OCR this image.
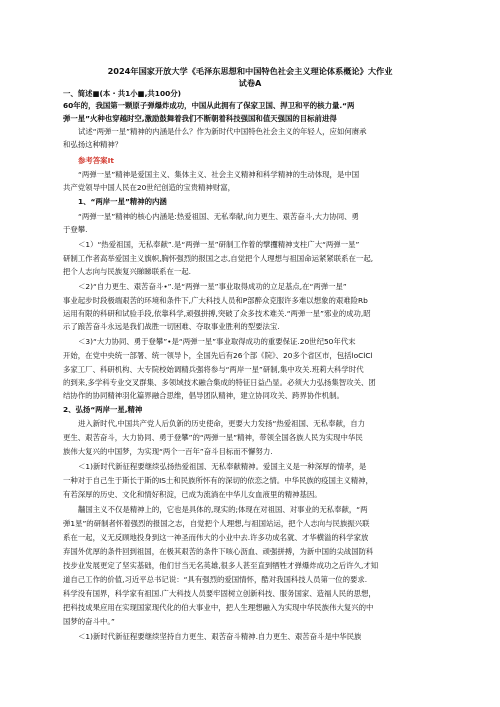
2024年国家开放大学《毛泽东思想和中国特色社会主义理论体系概论》大作业
试卷A
一、简述■(本・共1小■,共100分)
60年的，我国第一颗原子弹爆炸成功，中国从此拥有了保家卫国、捍卫和平的核力量.“两
弹一星”火种也穿越时空,激励鼓舞着我们不断朝着科技强国和值天强国的目标前进得
试述“两弹一星”精神的内涵是什么？作为新时代中国特色社会主义的年轻人，应如何赓承
和弘扬这种精神？
参考答案It
“两弹一星”精神是爱国主义、集体主义、社会主义精神和科学精神的生动体现，是中国
共产党领导中国人民在20世纪创造的宝贵精神财富，
1、“两岸一星”精神的内涵
“两弹一星”精神的核心内涵是:热爱祖国、无私奉献,向力更生、艰苦奋斗,大力协同、勇
于登攀.
＜1）“热爱祖国，无私奉献”.是“两弹一星”研制工作着的擘攫精神支柱广大“两弹一星”
研制工作者高举爱国主义旗帜,胸怀强烈的报国之志,自觉把个人理想与祖国命运紧紧联系在一起,
把个人志向与民族复兴睇睇联系在一起.
＜2)“自力更生、艰苦奋斗•”.是“两弹一星”事业取得成功的立足基点,在“两弹一星”
事业起步时段极端艰苦的环境和条件下,广大科技人员和P部醉众克服许多难以想象的艰难险Rb
运用有限的科研和试验手段,依靠科学,顽强拼搏,突破了众多技术难关.“两弹一星”邪业的成功,昭
示了踉苦奋斗永远是我们战胜一切困难、夺取事业胜利的型要法宝.
＜3)“大力协同、勇于登攀”•是“两弹一星”事业取得成功的重要保证.20世纪50年代末
开始，在党中央统一部署、统一领导卜，全国先后有26个部《院》、20多个省区市，包括loClCl
多家工厂、科研机构、大专院校始调精兵强将参与“两岸一星”研制,集中攻关.班莉大科学时代
的到来,多学科专业交叉群集、多领域技术融合集成的特征日益凸显。必须大力弘扬集智攻关、团
结协作的协同精神羽化篇界融合思维，倡导团队精神，建立协同攻关、跨界协作机制。
2、弘扬“两岸一星,精神
进入新时代,中国共产党人后负新的历史使命，更要大力发扬“热爱祖国、无私奉献，自力
更生、艰苦奋斗，大力协同、勇于登攀”的“两弹一星”精神，带领全国各族人民为实现中华民
族伟大复兴的中国梦，为实现“两个一百年”奋斗目标而不懈努力.
＜1)新时代新征程要继续弘扬热爱祖国、无私奉献精神。爱国主义是一种深厚的情孝，是
一种对于自己生于斯长于斯的IS土和民族所怀有的深切的依恋之情。中华民族的疫国主义精神，
有若深厚的历史、文化和情好积淀，已成为流淌在中华儿女血液里的精神基因。
黼国主义不仅是精神上的，它也是具体的,现实的;体现在对祖国、对事业的无私奉献，“两
弹1星”的研制者怀着强烈的报国之志，自觉把个人理想,与祖国站运，把个人志向与民族振兴联
系在一起，义无反顾地投身到这一神圣而伟大的小业中去.许多功成名就、才华横溢的科学家放
弃国外优厚的条件回到祖国，在极其艰苦的条件下咳心沥血、顽强拼搏，为新中国的尖战国防科
技步业发展更定了坚实基础，他们甘当无名英雄,很多人甚至直到牺牲才弹爆炸成功之后许久,才知
道自己工作的价值,习近平总书记说：“具有强烈的爱国情怀，酷对我国科技人员第一位的要求.
科学没有国界，科学家有祖国.广大科技人员要牢固树立创新科技、服务国家、造福人民的思想，
把科技成果应用在实现国家现代化的伯大事业中，把人生理想融入为实现中华民族伟大复兴的中
国梦的奋斗中。”
＜1)新时代新征程要继续坚持自力更生、艰苦奋斗精神.自力更生、艰苦奋斗是中华民族
